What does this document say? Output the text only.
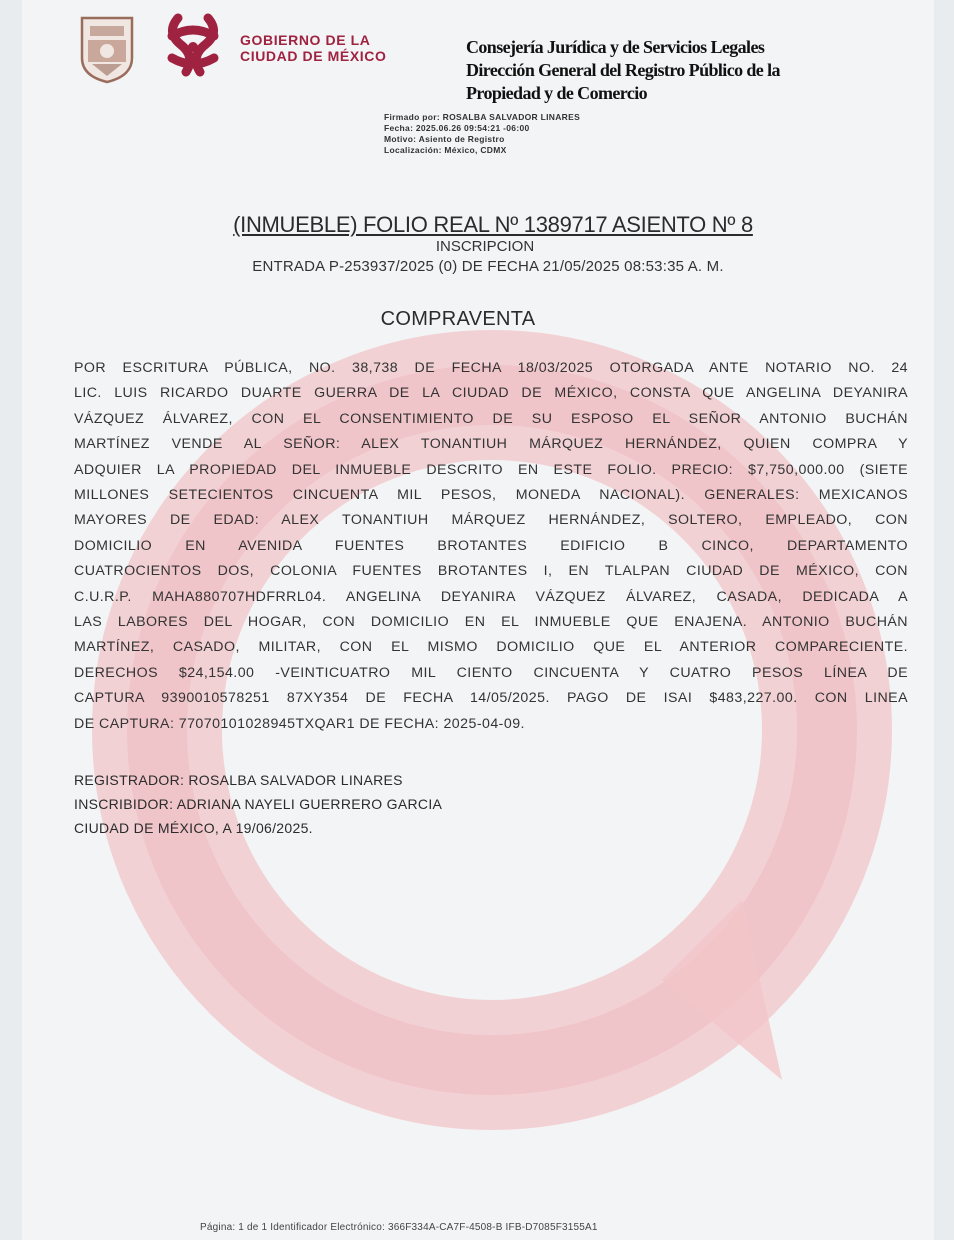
GOBIERNO DE LA
CIUDAD DE MÉXICO	Consejería Jurídica y de Servicios Legales
Dirección General del Registro Público de la
Propiedad y de Comercio
Firmado por: ROSALBA SALVADOR LINARES
Fecha: 2025.06.26 09:54:21 -06:00
Motivo: Asiento de Registro
Localización: México, CDMX
(INMUEBLE) FOLIO REAL Nº 1389717 ASIENTO Nº 8
INSCRIPCION
ENTRADA P-253937/2025 (0) DE FECHA 21/05/2025 08:53:35 A. M.
COMPRAVENTA
POR ESCRITURA PÚBLICA, NO. 38,738 DE FECHA 18/03/2025 OTORGADA ANTE NOTARIO NO. 24
LIC. LUIS RICARDO DUARTE GUERRA DE LA CIUDAD DE MÉXICO, CONSTA QUE ANGELINA DEYANIRA
VÁZQUEZ ÁLVAREZ, CON EL CONSENTIMIENTO DE SU ESPOSO EL SEÑOR ANTONIO BUCHÁN
MARTÍNEZ VENDE AL SEÑOR: ALEX TONANTIUH MÁRQUEZ HERNÁNDEZ, QUIEN COMPRA Y
ADQUIER LA PROPIEDAD DEL INMUEBLE DESCRITO EN ESTE FOLIO. PRECIO: $7,750,000.00 (SIETE
MILLONES SETECIENTOS CINCUENTA MIL PESOS, MONEDA NACIONAL). GENERALES: MEXICANOS
MAYORES DE EDAD: ALEX TONANTIUH MÁRQUEZ HERNÁNDEZ, SOLTERO, EMPLEADO, CON
DOMICILIO EN AVENIDA FUENTES BROTANTES EDIFICIO B CINCO, DEPARTAMENTO
CUATROCIENTOS DOS, COLONIA FUENTES BROTANTES I, EN TLALPAN CIUDAD DE MÉXICO, CON
C.U.R.P. MAHA880707HDFRRL04. ANGELINA DEYANIRA VÁZQUEZ ÁLVAREZ, CASADA, DEDICADA A
LAS LABORES DEL HOGAR, CON DOMICILIO EN EL INMUEBLE QUE ENAJENA. ANTONIO BUCHÁN
MARTÍNEZ, CASADO, MILITAR, CON EL MISMO DOMICILIO QUE EL ANTERIOR COMPARECIENTE.
DERECHOS $24,154.00 -VEINTICUATRO MIL CIENTO CINCUENTA Y CUATRO PESOS LÍNEA DE
CAPTURA 9390010578251 87XY354 DE FECHA 14/05/2025. PAGO DE ISAI $483,227.00. CON LINEA
DE CAPTURA: 77070101028945TXQAR1 DE FECHA: 2025-04-09.
REGISTRADOR: ROSALBA SALVADOR LINARES
INSCRIBIDOR: ADRIANA NAYELI GUERRERO GARCIA
CIUDAD DE MÉXICO, A 19/06/2025.
Página: 1 de 1 Identificador Electrónico: 366F334A-CA7F-4508-B IFB-D7085F3155A1
